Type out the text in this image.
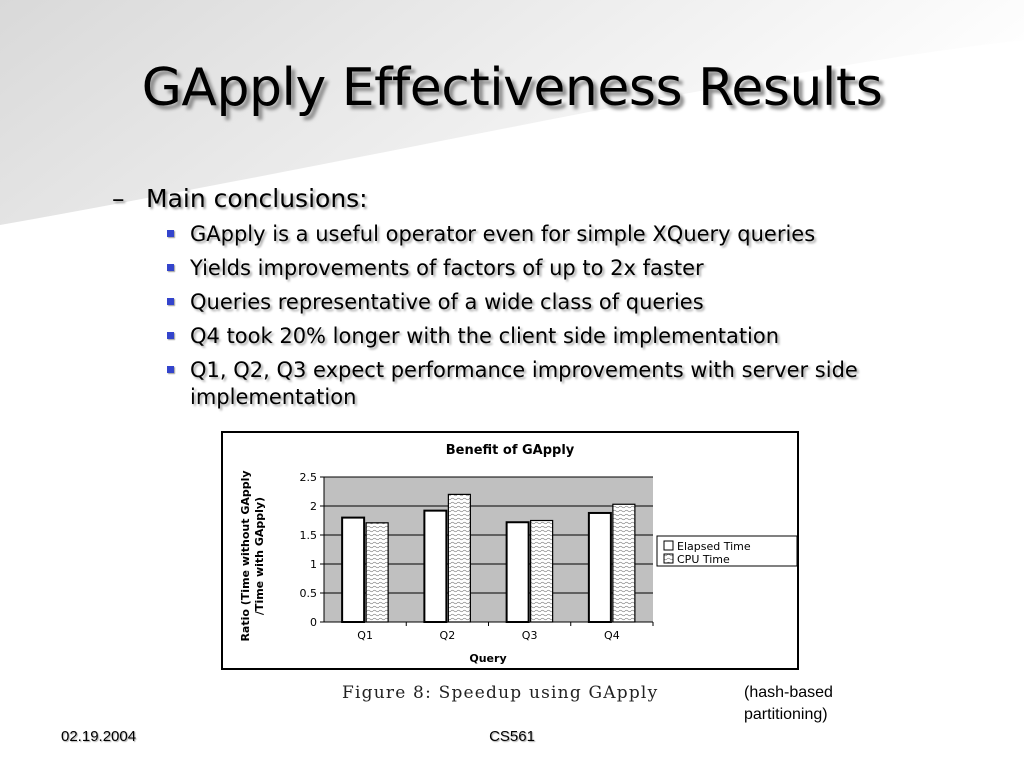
GApply Effectiveness Results
– Main conclusions:
GApply is a useful operator even for simple XQuery queries
Yields improvements of factors of up to 2x faster
Queries representative of a wide class of queries
Q4 took 20% longer with the client side implementation
Q1, Q2, Q3 expect performance improvements with server side implementation
Benefit of GApply
0
0.5
1
1.5
2
2.5
Q1	Q2	Q3	Q4
Ratio (Time without GApply/Time with GApply)
Query
Elapsed Time
CPU Time
Figure 8: Speedup using GApply	(hash-based partitioning)
02.19.2004	CS561
